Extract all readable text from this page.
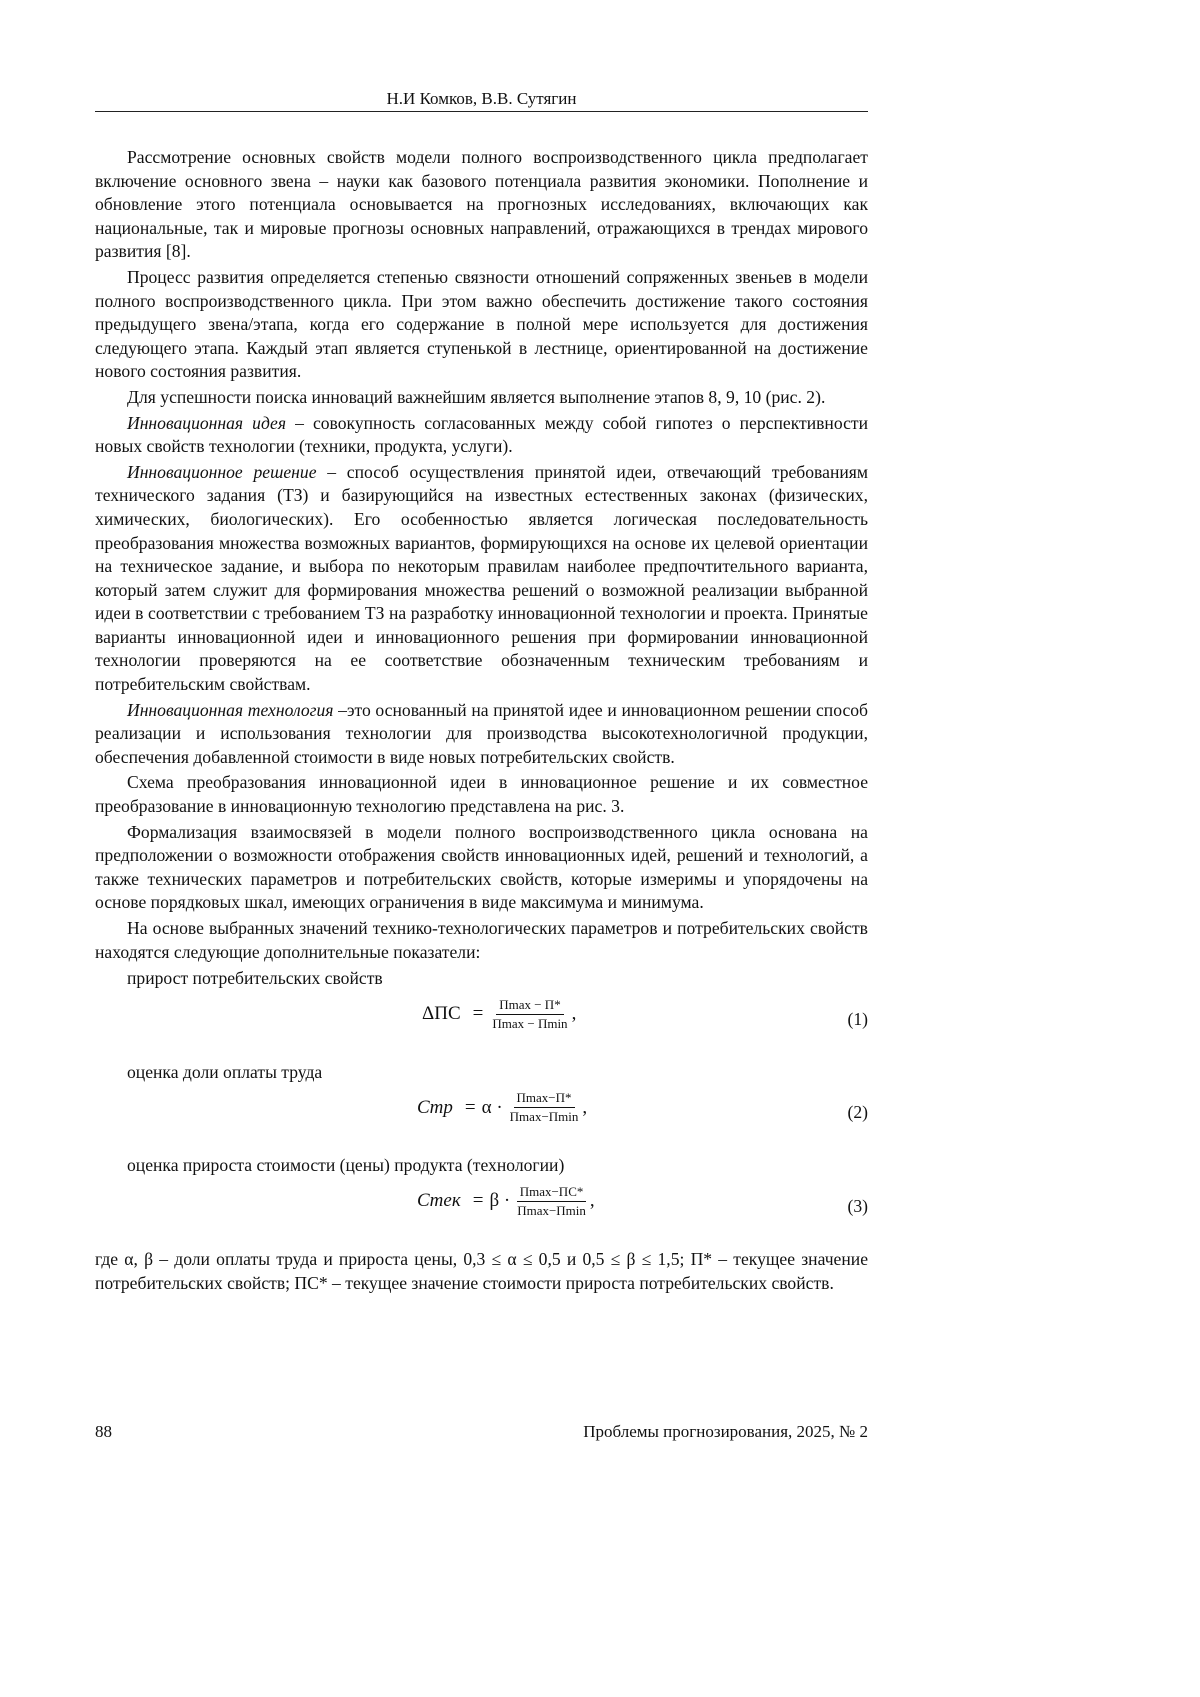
Н.И Комков, В.В. Сутягин

Рассмотрение основных свойств модели полного воспроизводственного цикла предполагает включение основного звена – науки как базового потенциала развития экономики. Пополнение и обновление этого потенциала основывается на прогнозных исследованиях, включающих как национальные, так и мировые прогнозы основных направлений, отражающихся в трендах мирового развития [8].

Процесс развития определяется степенью связности отношений сопряженных звеньев в модели полного воспроизводственного цикла. При этом важно обеспечить достижение такого состояния предыдущего звена/этапа, когда его содержание в полной мере используется для достижения следующего этапа. Каждый этап является ступенькой в лестнице, ориентированной на достижение нового состояния развития.

Для успешности поиска инноваций важнейшим является выполнение этапов 8, 9, 10 (рис. 2).

Инновационная идея – совокупность согласованных между собой гипотез о перспективности новых свойств технологии (техники, продукта, услуги).

Инновационное решение – способ осуществления принятой идеи, отвечающий требованиям технического задания (ТЗ) и базирующийся на известных естественных законах (физических, химических, биологических). Его особенностью является логическая последовательность преобразования множества возможных вариантов, формирующихся на основе их целевой ориентации на техническое задание, и выбора по некоторым правилам наиболее предпочтительного варианта, который затем служит для формирования множества решений о возможной реализации выбранной идеи в соответствии с требованием ТЗ на разработку инновационной технологии и проекта. Принятые варианты инновационной идеи и инновационного решения при формировании инновационной технологии проверяются на ее соответствие обозначенным техническим требованиям и потребительским свойствам.

Инновационная технология –это основанный на принятой идее и инновационном решении способ реализации и использования технологии для производства высокотехнологичной продукции, обеспечения добавленной стоимости в виде новых потребительских свойств.

Схема преобразования инновационной идеи в инновационное решение и их совместное преобразование в инновационную технологию представлена на рис. 3.

Формализация взаимосвязей в модели полного воспроизводственного цикла основана на предположении о возможности отображения свойств инновационных идей, решений и технологий, а также технических параметров и потребительских свойств, которые измеримы и упорядочены на основе порядковых шкал, имеющих ограничения в виде максимума и минимума.

На основе выбранных значений технико-технологических параметров и потребительских свойств находятся следующие дополнительные показатели:

прирост потребительских свойств

$\Delta ПС = \frac{П\max - П*}{П\max - П\min}$ ,	(1)

оценка доли оплаты труда

Cтр = $\alpha \cdot \frac{П\max-П*}{П\max-П\min}$ ,	(2)

оценка прироста стоимости (цены) продукта (технологии)

Cтек = $\beta \cdot \frac{П\max-ПС*}{П\max-П\min}$ ,	(3)

где α, β – доли оплаты труда и прироста цены, 0,3 ≤ α ≤ 0,5 и 0,5 ≤ β ≤ 1,5; П* – текущее значение потребительских свойств; ПС* – текущее значение стоимости прироста потребительских свойств.

88	Проблемы прогнозирования, 2025, № 2
